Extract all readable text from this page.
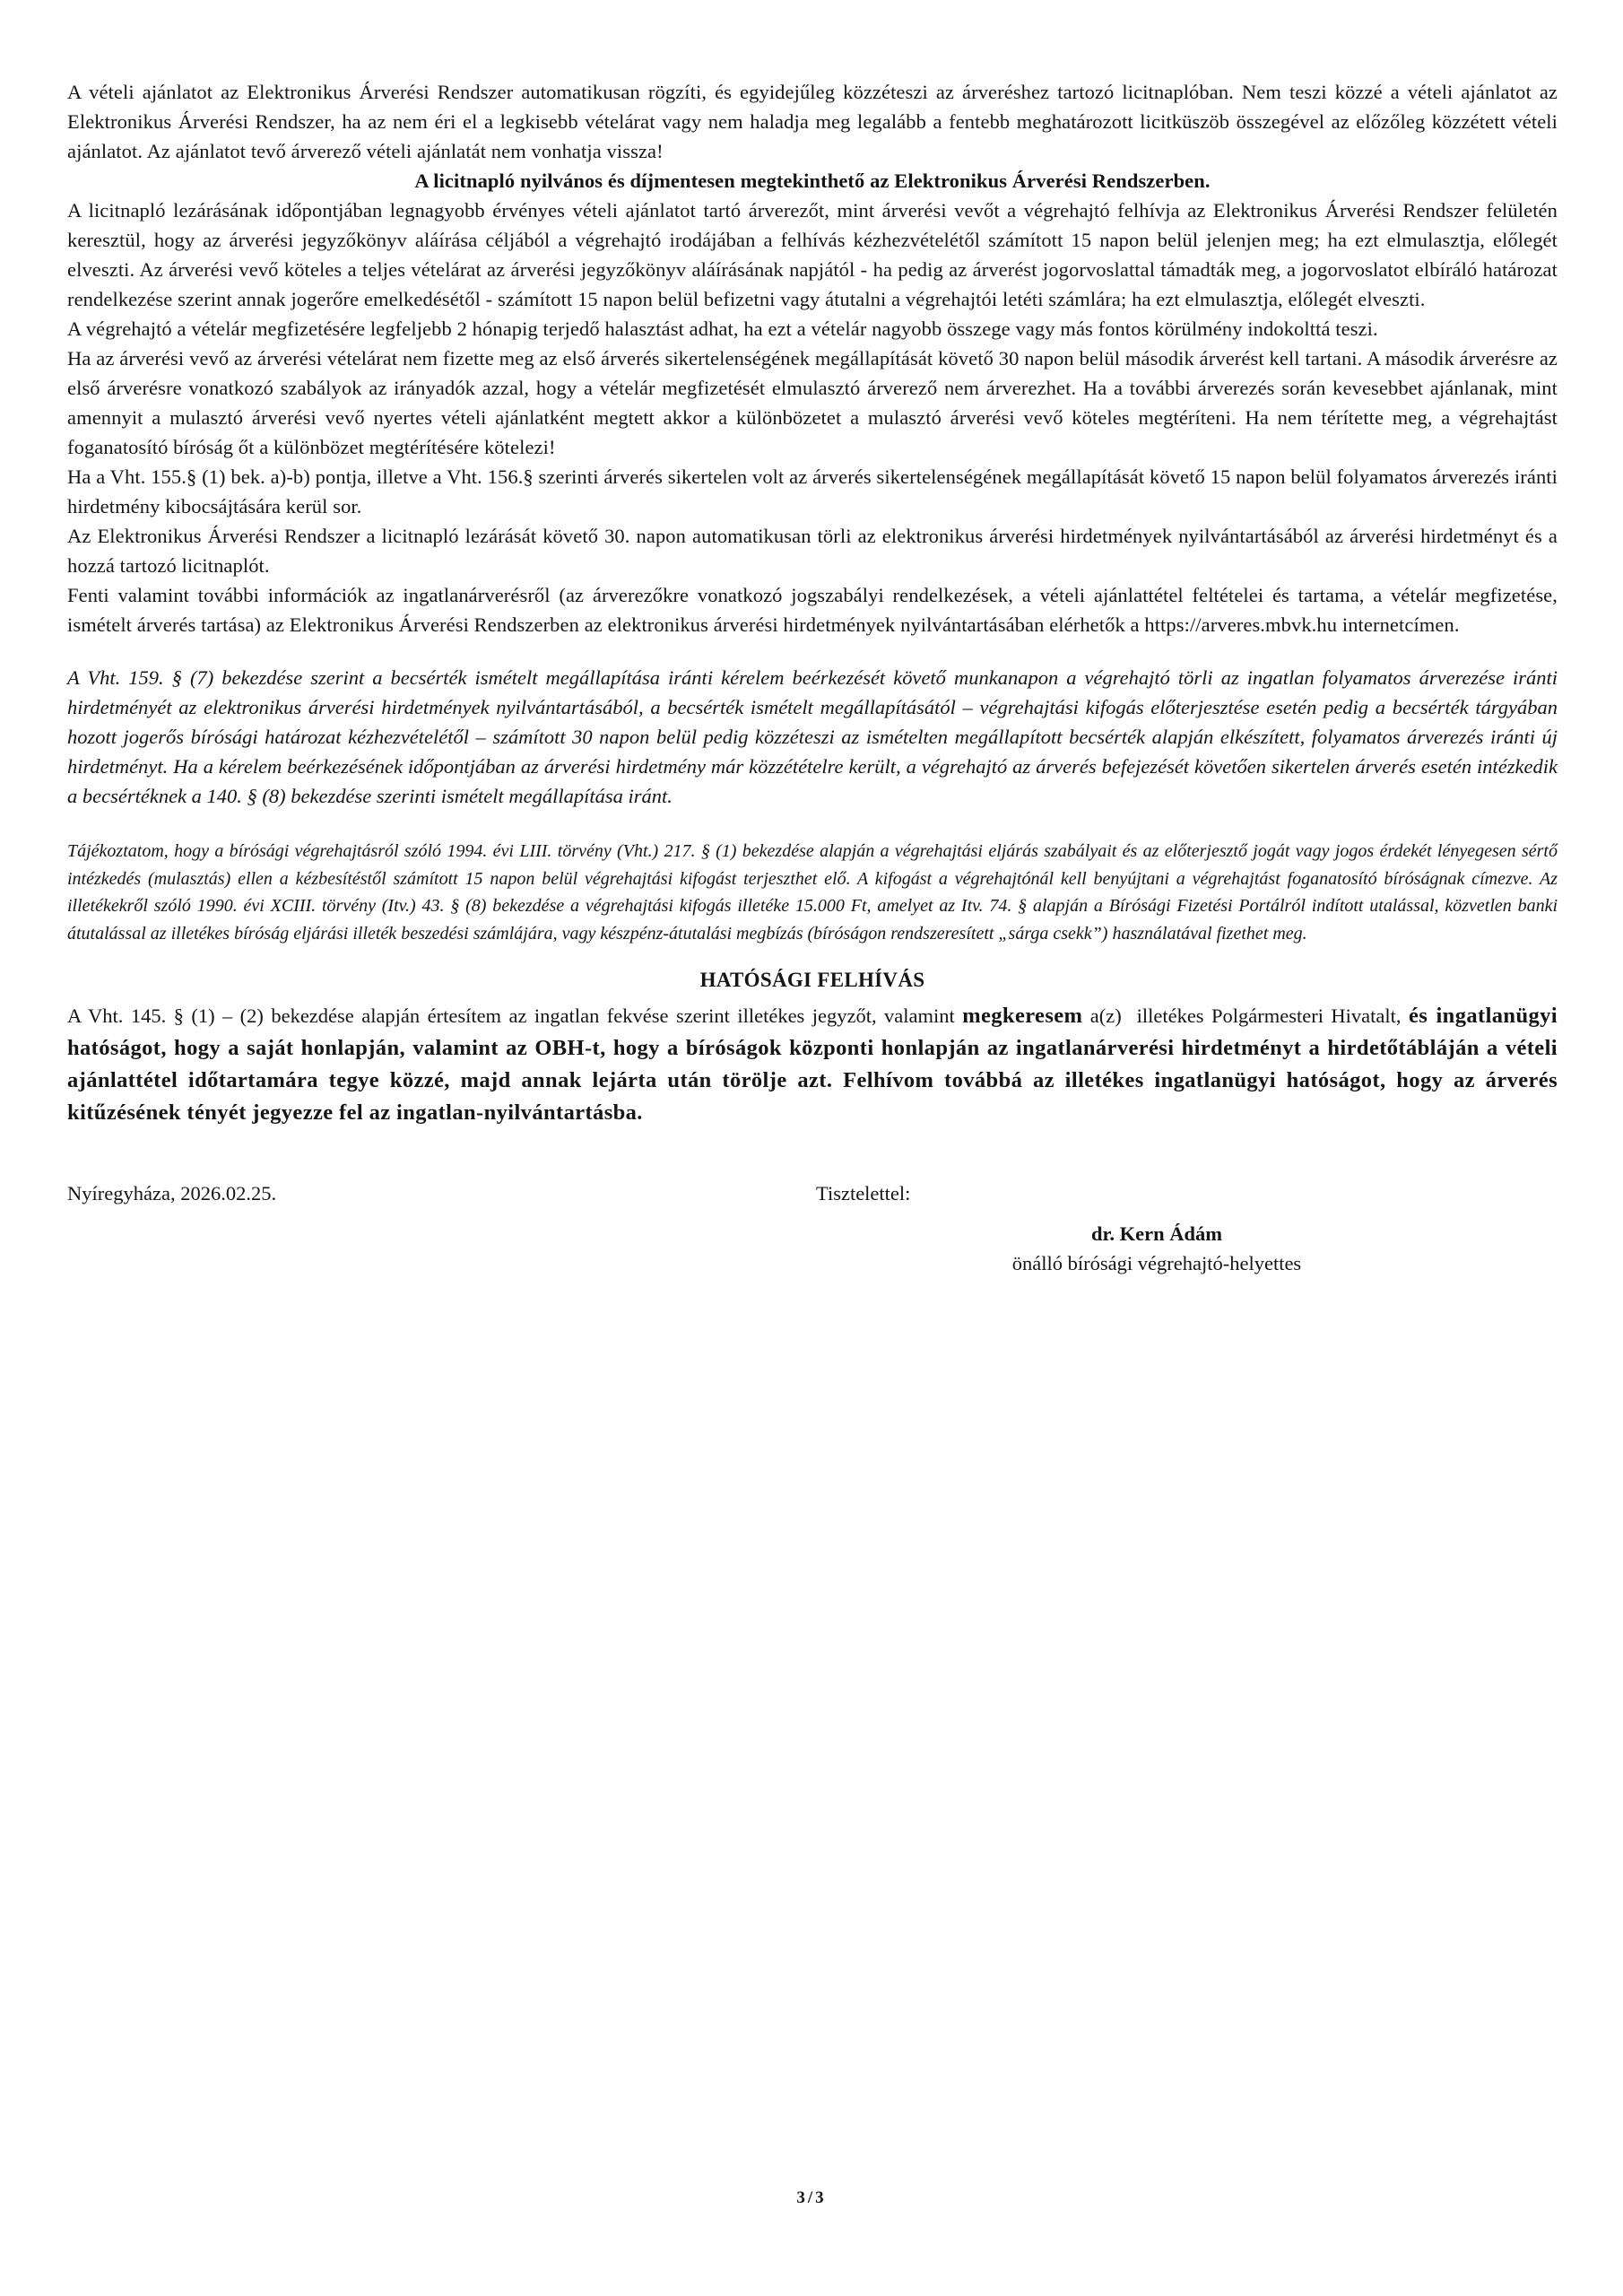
A vételi ajánlatot az Elektronikus Árverési Rendszer automatikusan rögzíti, és egyidejűleg közzéteszi az árveréshez tartozó licitnaplóban. Nem teszi közzé a vételi ajánlatot az Elektronikus Árverési Rendszer, ha az nem éri el a legkisebb vételárat vagy nem haladja meg legalább a fentebb meghatározott licitküszöb összegével az előzőleg közzétett vételi ajánlatot. Az ajánlatot tevő árverező vételi ajánlatát nem vonhatja vissza!

A licitnapló nyilvános és díjmentesen megtekinthető az Elektronikus Árverési Rendszerben.

A licitnapló lezárásának időpontjában legnagyobb érvényes vételi ajánlatot tartó árverezőt, mint árverési vevőt a végrehajtó felhívja az Elektronikus Árverési Rendszer felületén keresztül, hogy az árverési jegyzőkönyv aláírása céljából a végrehajtó irodájában a felhívás kézhezvételétől számított 15 napon belül jelenjen meg; ha ezt elmulasztja, előlegét elveszti. Az árverési vevő köteles a teljes vételárat az árverési jegyzőkönyv aláírásának napjától - ha pedig az árverést jogorvoslattal támadták meg, a jogorvoslatot elbíráló határozat rendelkezése szerint annak jogerőre emelkedésétől - számított 15 napon belül befizetni vagy átutalni a végrehajtói letéti számlára; ha ezt elmulasztja, előlegét elveszti.

A végrehajtó a vételár megfizetésére legfeljebb 2 hónapig terjedő halasztást adhat, ha ezt a vételár nagyobb összege vagy más fontos körülmény indokolttá teszi.

Ha az árverési vevő az árverési vételárat nem fizette meg az első árverés sikertelenségének megállapítását követő 30 napon belül második árverést kell tartani. A második árverésre az első árverésre vonatkozó szabályok az irányadók azzal, hogy a vételár megfizetését elmulasztó árverező nem árverezhet. Ha a további árverezés során kevesebbet ajánlanak, mint amennyit a mulasztó árverési vevő nyertes vételi ajánlatként megtett akkor a különbözetet a mulasztó árverési vevő köteles megtéríteni. Ha nem térítette meg, a végrehajtást foganatosító bíróság őt a különbözet megtérítésére kötelezi!

Ha a Vht. 155.§ (1) bek. a)-b) pontja, illetve a Vht. 156.§ szerinti árverés sikertelen volt az árverés sikertelenségének megállapítását követő 15 napon belül folyamatos árverezés iránti hirdetmény kibocsájtására kerül sor.

Az Elektronikus Árverési Rendszer a licitnapló lezárását követő 30. napon automatikusan törli az elektronikus árverési hirdetmények nyilvántartásából az árverési hirdetményt és a hozzá tartozó licitnaplót.

Fenti valamint további információk az ingatlanárverésről (az árverezőkre vonatkozó jogszabályi rendelkezések, a vételi ajánlattétel feltételei és tartama, a vételár megfizetése, ismételt árverés tartása) az Elektronikus Árverési Rendszerben az elektronikus árverési hirdetmények nyilvántartásában elérhetők a https://arveres.mbvk.hu internetcímen.

A Vht. 159. § (7) bekezdése szerint a becsérték ismételt megállapítása iránti kérelem beérkezését követő munkanapon a végrehajtó törli az ingatlan folyamatos árverezése iránti hirdetményét az elektronikus árverési hirdetmények nyilvántartásából, a becsérték ismételt megállapításától – végrehajtási kifogás előterjesztése esetén pedig a becsérték tárgyában hozott jogerős bírósági határozat kézhezvételétől – számított 30 napon belül pedig közzéteszi az ismételten megállapított becsérték alapján elkészített, folyamatos árverezés iránti új hirdetményt. Ha a kérelem beérkezésének időpontjában az árverési hirdetmény már közzétételre került, a végrehajtó az árverés befejezését követően sikertelen árverés esetén intézkedik a becsértéknek a 140. § (8) bekezdése szerinti ismételt megállapítása iránt.

Tájékoztatom, hogy a bírósági végrehajtásról szóló 1994. évi LIII. törvény (Vht.) 217. § (1) bekezdése alapján a végrehajtási eljárás szabályait és az előterjesztő jogát vagy jogos érdekét lényegesen sértő intézkedés (mulasztás) ellen a kézbesítéstől számított 15 napon belül végrehajtási kifogást terjeszthet elő. A kifogást a végrehajtónál kell benyújtani a végrehajtást foganatosító bíróságnak címezve. Az illetékekről szóló 1990. évi XCIII. törvény (Itv.) 43. § (8) bekezdése a végrehajtási kifogás illetéke 15.000 Ft, amelyet az Itv. 74. § alapján a Bírósági Fizetési Portálról indított utalással, közvetlen banki átutalással az illetékes bíróság eljárási illeték beszedési számlájára, vagy készpénz-átutalási megbízás (bíróságon rendszeresített „sárga csekk”) használatával fizethet meg.

HATÓSÁGI FELHÍVÁS

A Vht. 145. § (1) – (2) bekezdése alapján értesítem az ingatlan fekvése szerint illetékes jegyzőt, valamint megkeresem a(z)  illetékes Polgármesteri Hivatalt, és ingatlanügyi hatóságot, hogy a saját honlapján, valamint az OBH-t, hogy a bíróságok központi honlapján az ingatlanárverési hirdetményt a hirdetőtábláján a vételi ajánlattétel időtartamára tegye közzé, majd annak lejárta után törölje azt. Felhívom továbbá az illetékes ingatlanügyi hatóságot, hogy az árverés kitűzésének tényét jegyezze fel az ingatlan-nyilvántartásba.

Nyíregyháza, 2026.02.25.	Tisztelettel:
dr. Kern Ádám
önálló bírósági végrehajtó-helyettes
3/3
